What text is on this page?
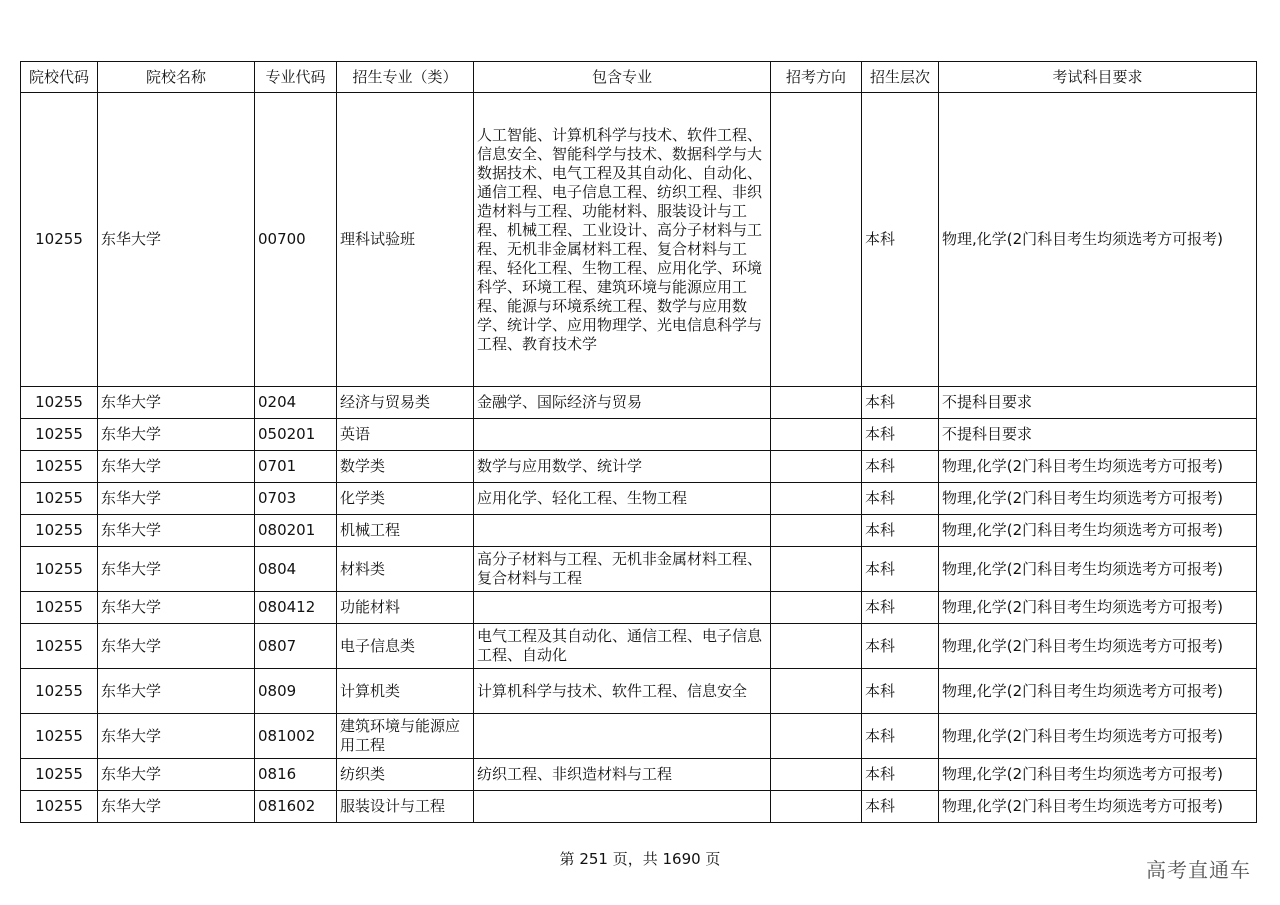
院校代码	院校名称	专业代码	招生专业（类）	包含专业	招考方向	招生层次	考试科目要求
10255	东华大学	00700	理科试验班	人工智能、计算机科学与技术、软件工程、信息安全、智能科学与技术、数据科学与大数据技术、电气工程及其自动化、自动化、通信工程、电子信息工程、纺织工程、非织造材料与工程、功能材料、服装设计与工程、机械工程、工业设计、高分子材料与工程、无机非金属材料工程、复合材料与工程、轻化工程、生物工程、应用化学、环境科学、环境工程、建筑环境与能源应用工程、能源与环境系统工程、数学与应用数学、统计学、应用物理学、光电信息科学与工程、教育技术学		本科	物理,化学(2门科目考生均须选考方可报考)
10255	东华大学	0204	经济与贸易类	金融学、国际经济与贸易		本科	不提科目要求
10255	东华大学	050201	英语			本科	不提科目要求
10255	东华大学	0701	数学类	数学与应用数学、统计学		本科	物理,化学(2门科目考生均须选考方可报考)
10255	东华大学	0703	化学类	应用化学、轻化工程、生物工程		本科	物理,化学(2门科目考生均须选考方可报考)
10255	东华大学	080201	机械工程			本科	物理,化学(2门科目考生均须选考方可报考)
10255	东华大学	0804	材料类	高分子材料与工程、无机非金属材料工程、复合材料与工程		本科	物理,化学(2门科目考生均须选考方可报考)
10255	东华大学	080412	功能材料			本科	物理,化学(2门科目考生均须选考方可报考)
10255	东华大学	0807	电子信息类	电气工程及其自动化、通信工程、电子信息工程、自动化		本科	物理,化学(2门科目考生均须选考方可报考)
10255	东华大学	0809	计算机类	计算机科学与技术、软件工程、信息安全		本科	物理,化学(2门科目考生均须选考方可报考)
10255	东华大学	081002	建筑环境与能源应用工程			本科	物理,化学(2门科目考生均须选考方可报考)
10255	东华大学	0816	纺织类	纺织工程、非织造材料与工程		本科	物理,化学(2门科目考生均须选考方可报考)
10255	东华大学	081602	服装设计与工程			本科	物理,化学(2门科目考生均须选考方可报考)
第 251 页，共 1690 页	高考直通车
